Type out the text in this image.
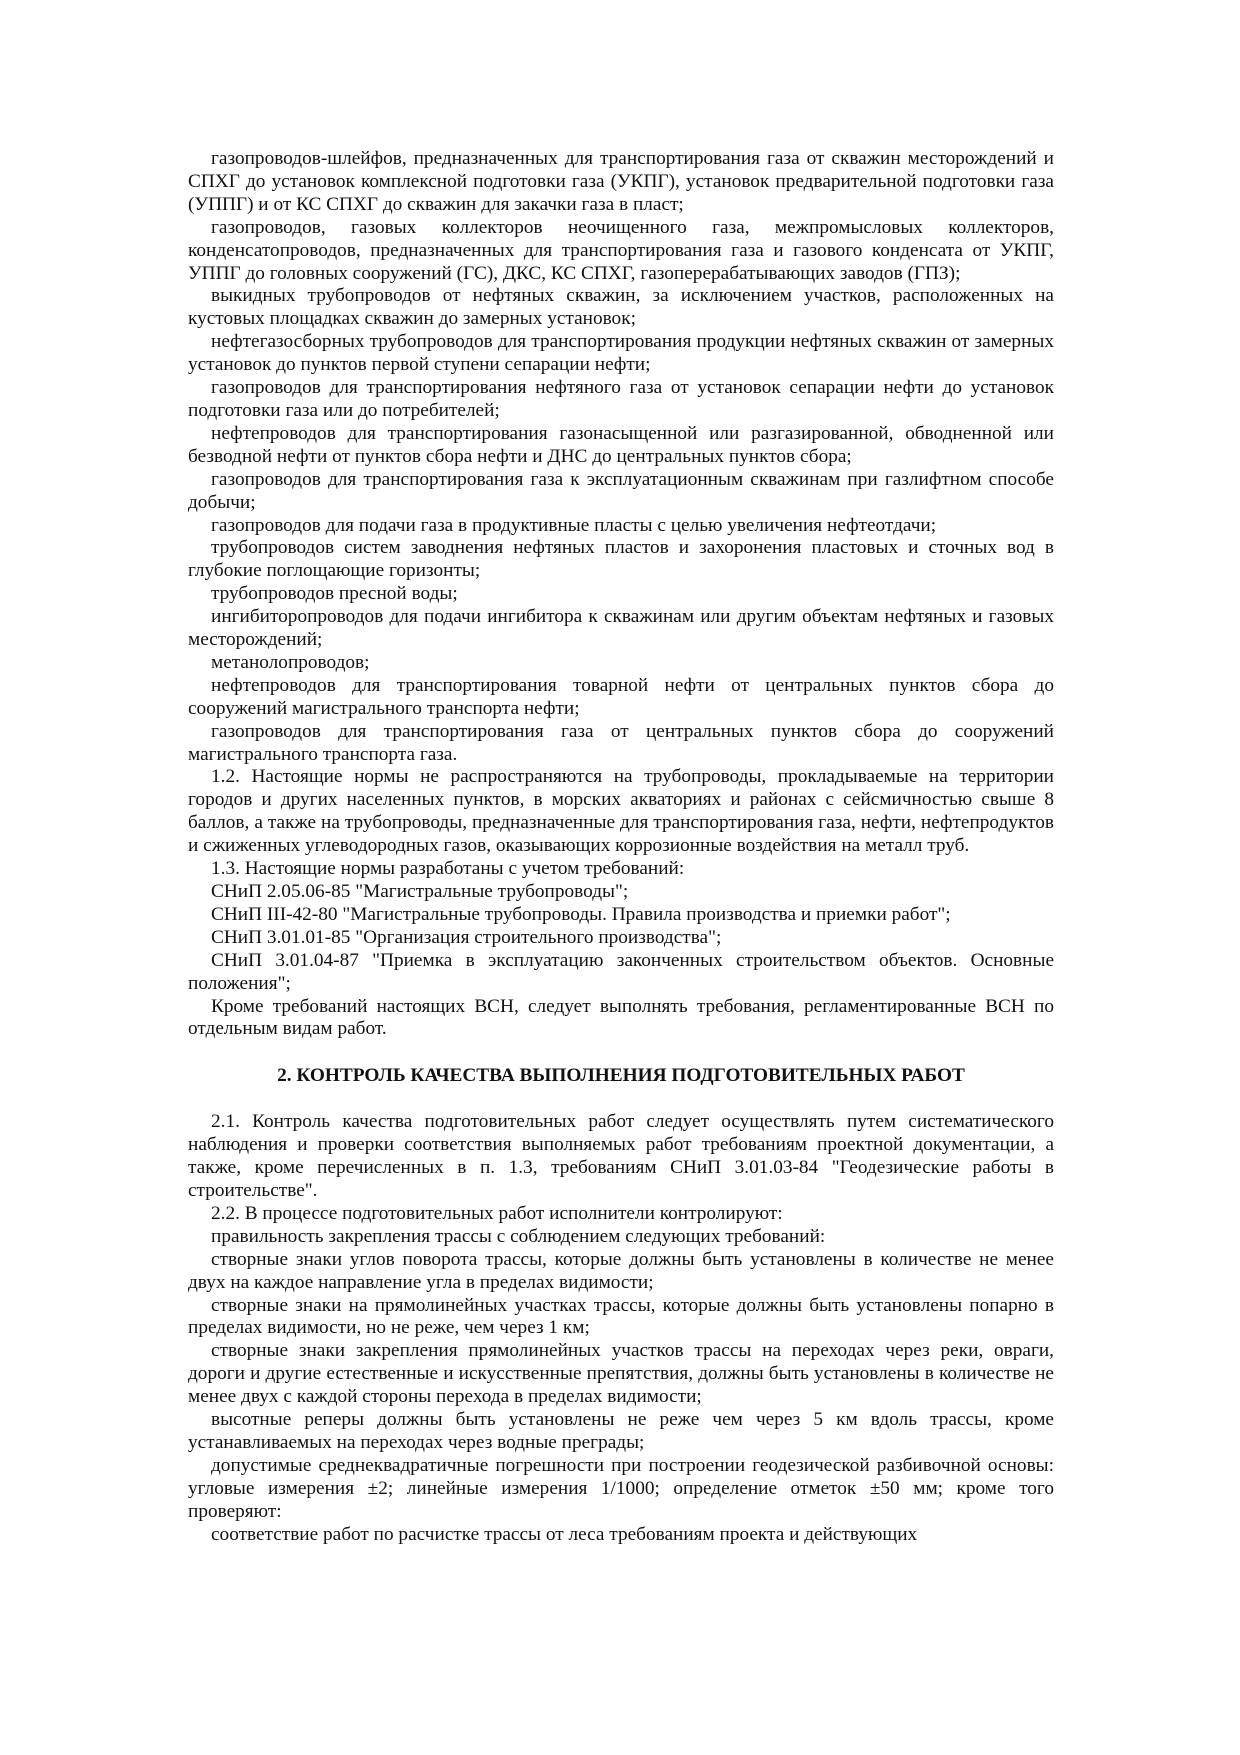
газопроводов-шлейфов, предназначенных для транспортирования газа от скважин месторождений и СПХГ до установок комплексной подготовки газа (УКПГ), установок предварительной подготовки газа (УППГ) и от КС СПХГ до скважин для закачки газа в пласт;

газопроводов, газовых коллекторов неочищенного газа, межпромысловых коллекторов, конденсатопроводов, предназначенных для транспортирования газа и газового конденсата от УКПГ, УППГ до головных сооружений (ГС), ДКС, КС СПХГ, газоперерабатывающих заводов (ГПЗ);

выкидных трубопроводов от нефтяных скважин, за исключением участков, расположенных на кустовых площадках скважин до замерных установок;

нефтегазосборных трубопроводов для транспортирования продукции нефтяных скважин от замерных установок до пунктов первой ступени сепарации нефти;

газопроводов для транспортирования нефтяного газа от установок сепарации нефти до установок подготовки газа или до потребителей;

нефтепроводов для транспортирования газонасыщенной или разгазированной, обводненной или безводной нефти от пунктов сбора нефти и ДНС до центральных пунктов сбора;

газопроводов для транспортирования газа к эксплуатационным скважинам при газлифтном способе добычи;

газопроводов для подачи газа в продуктивные пласты с целью увеличения нефтеотдачи;

трубопроводов систем заводнения нефтяных пластов и захоронения пластовых и сточных вод в глубокие поглощающие горизонты;

трубопроводов пресной воды;

ингибиторопроводов для подачи ингибитора к скважинам или другим объектам нефтяных и газовых месторождений;

метанолопроводов;

нефтепроводов для транспортирования товарной нефти от центральных пунктов сбора до сооружений магистрального транспорта нефти;

газопроводов для транспортирования газа от центральных пунктов сбора до сооружений магистрального транспорта газа.

1.2. Настоящие нормы не распространяются на трубопроводы, прокладываемые на территории городов и других населенных пунктов, в морских акваториях и районах с сейсмичностью свыше 8 баллов, а также на трубопроводы, предназначенные для транспортирования газа, нефти, нефтепродуктов и сжиженных углеводородных газов, оказывающих коррозионные воздействия на металл труб.

1.3. Настоящие нормы разработаны с учетом требований:

СНиП 2.05.06-85 "Магистральные трубопроводы";

СНиП III-42-80 "Магистральные трубопроводы. Правила производства и приемки работ";

СНиП 3.01.01-85 "Организация строительного производства";

СНиП 3.01.04-87 "Приемка в эксплуатацию законченных строительством объектов. Основные положения";

Кроме требований настоящих ВСН, следует выполнять требования, регламентированные ВСН по отдельным видам работ.

2. КОНТРОЛЬ КАЧЕСТВА ВЫПОЛНЕНИЯ ПОДГОТОВИТЕЛЬНЫХ РАБОТ

2.1. Контроль качества подготовительных работ следует осуществлять путем систематического наблюдения и проверки соответствия выполняемых работ требованиям проектной документации, а также, кроме перечисленных в п. 1.3, требованиям СНиП 3.01.03-84 "Геодезические работы в строительстве".

2.2. В процессе подготовительных работ исполнители контролируют:

правильность закрепления трассы с соблюдением следующих требований:

створные знаки углов поворота трассы, которые должны быть установлены в количестве не менее двух на каждое направление угла в пределах видимости;

створные знаки на прямолинейных участках трассы, которые должны быть установлены попарно в пределах видимости, но не реже, чем через 1 км;

створные знаки закрепления прямолинейных участков трассы на переходах через реки, овраги, дороги и другие естественные и искусственные препятствия, должны быть установлены в количестве не менее двух с каждой стороны перехода в пределах видимости;

высотные реперы должны быть установлены не реже чем через 5 км вдоль трассы, кроме устанавливаемых на переходах через водные преграды;

допустимые среднеквадратичные погрешности при построении геодезической разбивочной основы: угловые измерения ±2; линейные измерения 1/1000; определение отметок ±50 мм; кроме того проверяют:

соответствие работ по расчистке трассы от леса требованиям проекта и действующих
